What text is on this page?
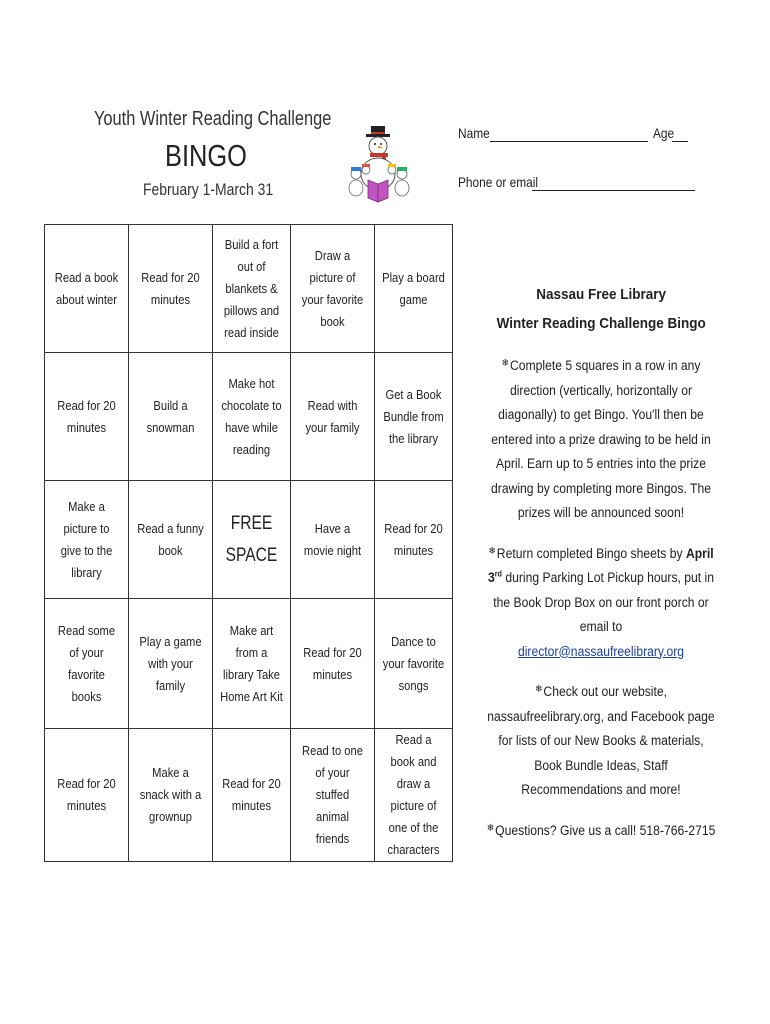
Youth Winter Reading Challenge
BINGO
February 1-March 31
Name	Age
Phone or email
Read a book about winter	Read for 20 minutes	Build a fort out of blankets & pillows and read inside	Draw a picture of your favorite book	Play a board game
Read for 20 minutes	Build a snowman	Make hot chocolate to have while reading	Read with your family	Get a Book Bundle from the library
Make a picture to give to the library	Read a funny book	FREE SPACE	Have a movie night	Read for 20 minutes
Read some of your favorite books	Play a game with your family	Make art from a library Take Home Art Kit	Read for 20 minutes	Dance to your favorite songs
Read for 20 minutes	Make a snack with a grownup	Read for 20 minutes	Read to one of your stuffed animal friends	Read a book and draw a picture of one of the characters

Nassau Free Library

Winter Reading Challenge Bingo

❄Complete 5 squares in a row in any direction (vertically, horizontally or diagonally) to get Bingo. You'll then be entered into a prize drawing to be held in April. Earn up to 5 entries into the prize drawing by completing more Bingos. The prizes will be announced soon!

❄Return completed Bingo sheets by April 3rd during Parking Lot Pickup hours, put in the Book Drop Box on our front porch or email to
director@nassaufreelibrary.org

❄Check out our website, nassaufreelibrary.org, and Facebook page for lists of our New Books & materials, Book Bundle Ideas, Staff Recommendations and more!

❄Questions? Give us a call! 518-766-2715
